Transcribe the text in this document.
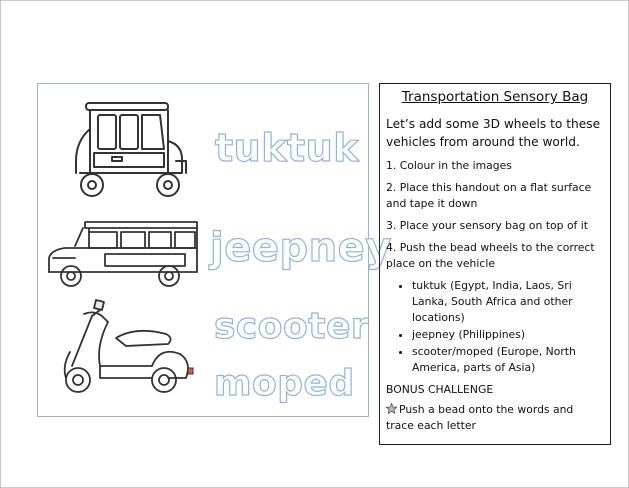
tuktuk
jeepney
scooter
moped
Transportation Sensory Bag
Let’s add some 3D wheels to these vehicles from around the world.
1. Colour in the images
2. Place this handout on a flat surface and tape it down
3. Place your sensory bag on top of it
4. Push the bead wheels to the correct place on the vehicle
• tuktuk (Egypt, India, Laos, Sri Lanka, South Africa and other locations)
• jeepney (Philippines)
• scooter/moped (Europe, North America, parts of Asia)
BONUS CHALLENGE
Push a bead onto the words and trace each letter
